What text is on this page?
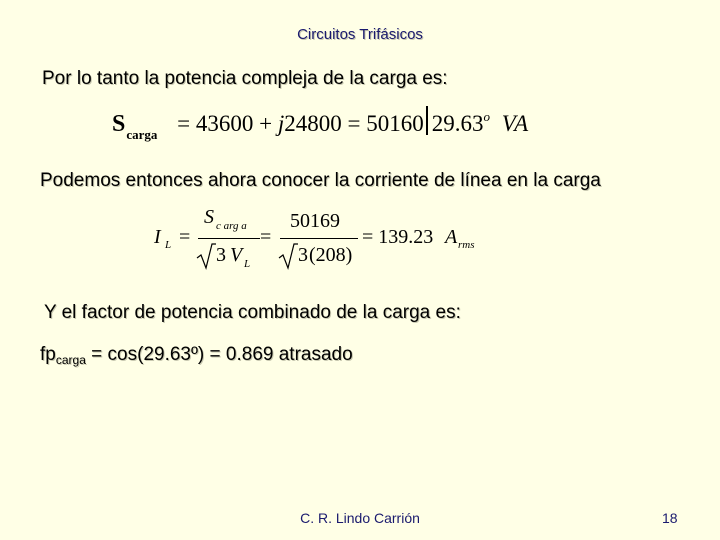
Circuitos Trifásicos
Por lo tanto la potencia compleja de la carga es:
$S_{carga} = 43600 + j24800 = 50160$ 29.63$^o$ VA
Podemos entonces ahora conocer la corriente de línea en la carga
I L =
S c arg a
3 V L
=
50169
3 (208)
= 139.23 A rms
Y el factor de potencia combinado de la carga es:
$fp_{carga}$ = cos(29.63º) = 0.869 atrasado
C. R. Lindo Carrión	18
